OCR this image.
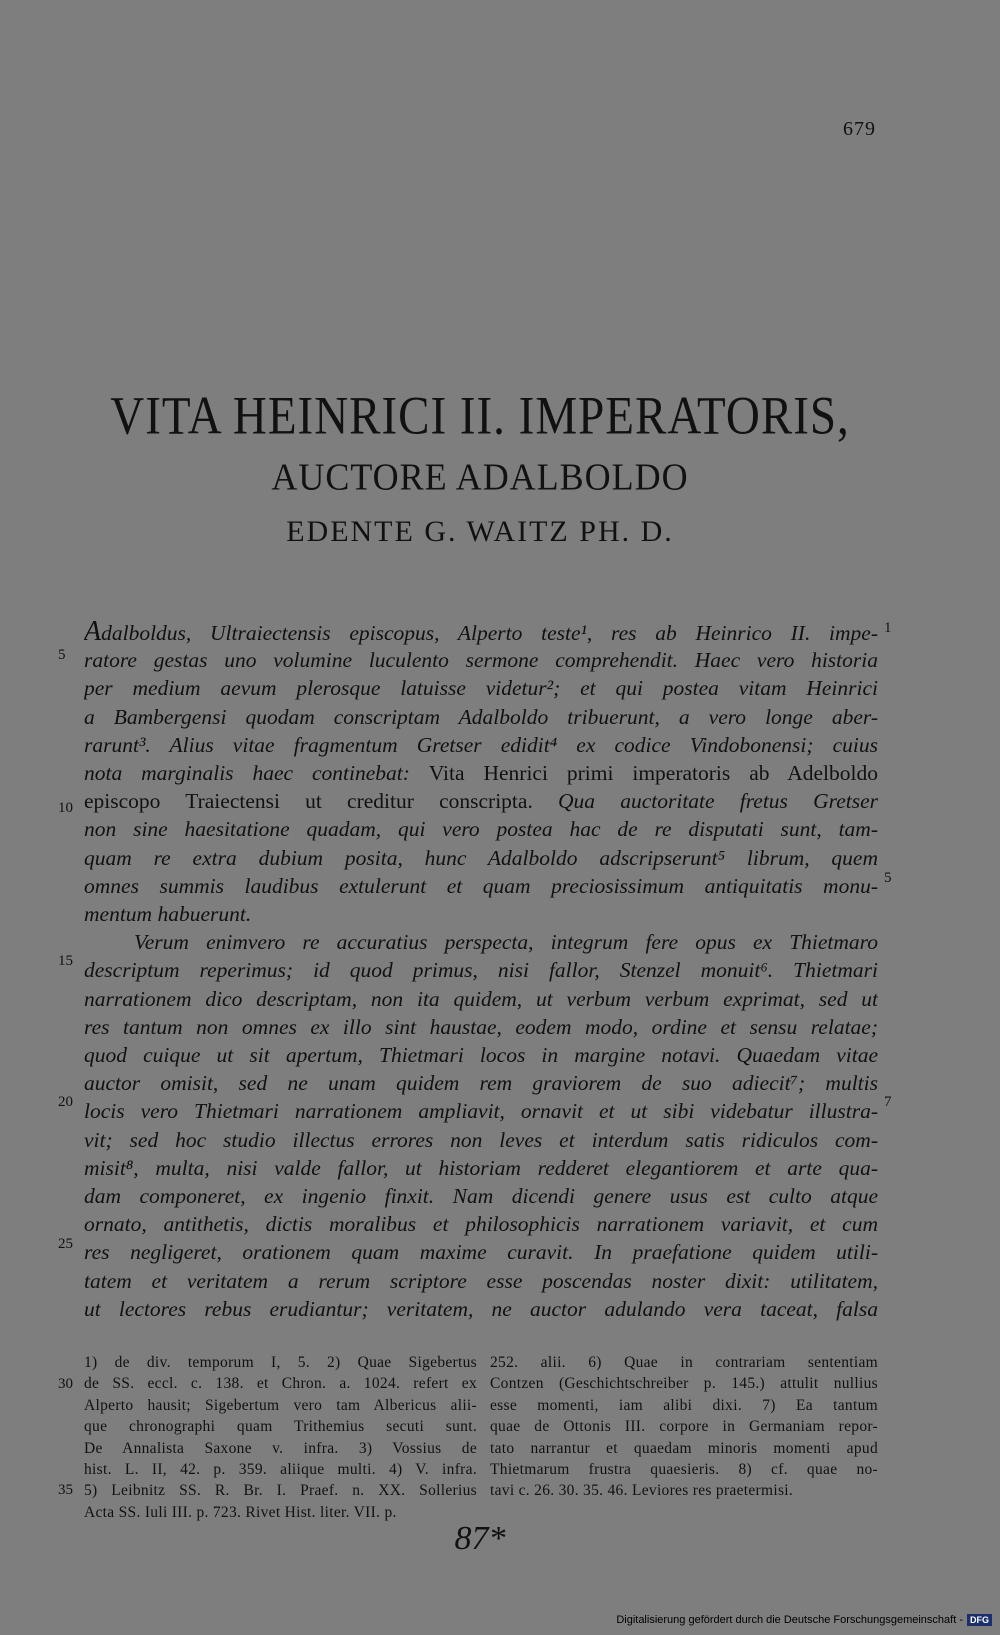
679
VITA HEINRICI II. IMPERATORIS,
AUCTORE ADALBOLDO
EDENTE G. WAITZ PH. D.
Adalboldus, Ultraiectensis episcopus, Alperto teste¹, res ab Heinrico II. impe-
ratore gestas uno volumine luculento sermone comprehendit. Haec vero historia
per medium aevum plerosque latuisse videtur²; et qui postea vitam Heinrici
a Bambergensi quodam conscriptam Adalboldo tribuerunt, a vero longe aber-
rarunt³. Alius vitae fragmentum Gretser edidit⁴ ex codice Vindobonensi; cuius
nota marginalis haec continebat: Vita Henrici primi imperatoris ab Adelboldo
episcopo Traiectensi ut creditur conscripta. Qua auctoritate fretus Gretser
non sine haesitatione quadam, qui vero postea hac de re disputati sunt, tam-
quam re extra dubium posita, hunc Adalboldo adscripserunt⁵ librum, quem
omnes summis laudibus extulerunt et quam preciosissimum antiquitatis monu-
mentum habuerunt.
Verum enimvero re accuratius perspecta, integrum fere opus ex Thietmaro
descriptum reperimus; id quod primus, nisi fallor, Stenzel monuit⁶. Thietmari
narrationem dico descriptam, non ita quidem, ut verbum verbum exprimat, sed ut
res tantum non omnes ex illo sint haustae, eodem modo, ordine et sensu relatae;
quod cuique ut sit apertum, Thietmari locos in margine notavi. Quaedam vitae
auctor omisit, sed ne unam quidem rem graviorem de suo adiecit⁷; multis
locis vero Thietmari narrationem ampliavit, ornavit et ut sibi videbatur illustra-
vit; sed hoc studio illectus errores non leves et interdum satis ridiculos com-
misit⁸, multa, nisi valde fallor, ut historiam redderet elegantiorem et arte qua-
dam componeret, ex ingenio finxit. Nam dicendi genere usus est culto atque
ornato, antithetis, dictis moralibus et philosophicis narrationem variavit, et cum
res negligeret, orationem quam maxime curavit. In praefatione quidem utili-
tatem et veritatem a rerum scriptore esse poscendas noster dixit: utilitatem,
ut lectores rebus erudiantur; veritatem, ne auctor adulando vera taceat, falsa
5
10
15
20
25
30
35
1
5
7
1) de div. temporum I, 5. 2) Quae Sigebertus
de SS. eccl. c. 138. et Chron. a. 1024. refert ex
Alperto hausit; Sigebertum vero tam Albericus alii-
que chronographi quam Trithemius secuti sunt.
De Annalista Saxone v. infra. 3) Vossius de
hist. L. II, 42. p. 359. aliique multi. 4) V. infra.
5) Leibnitz SS. R. Br. I. Praef. n. XX. Sollerius
Acta SS. Iuli III. p. 723. Rivet Hist. liter. VII. p.
252. alii. 6) Quae in contrariam sententiam
Contzen (Geschichtschreiber p. 145.) attulit nullius
esse momenti, iam alibi dixi. 7) Ea tantum
quae de Ottonis III. corpore in Germaniam repor-
tato narrantur et quaedam minoris momenti apud
Thietmarum frustra quaesieris. 8) cf. quae no-
tavi c. 26. 30. 35. 46. Leviores res praetermisi.
87*
Digitalisierung gefördert durch die Deutsche Forschungsgemeinschaft - DFG
